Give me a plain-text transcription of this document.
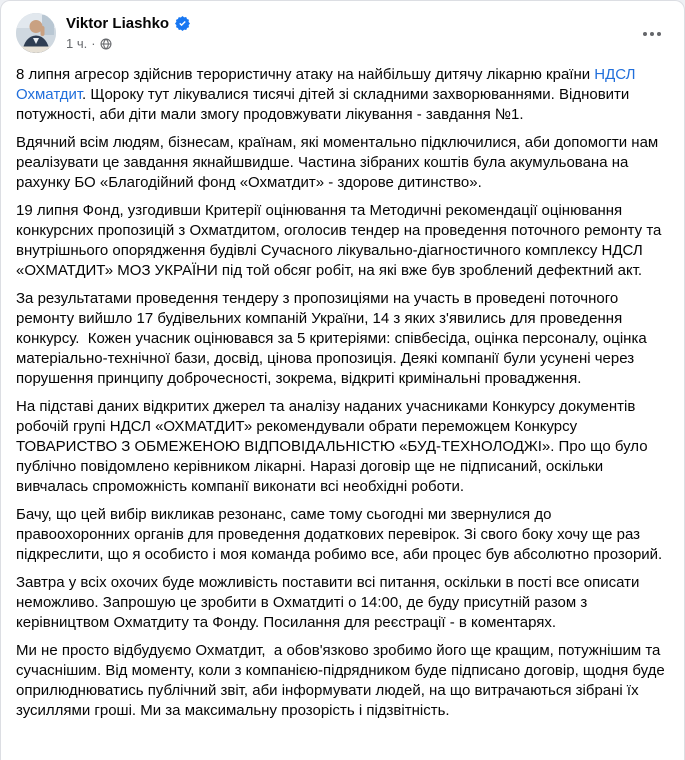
Viktor Liashko
1 ч. ·

8 липня агресор здійснив терористичну атаку на найбільшу дитячу лікарню країни НДСЛ Охматдит. Щороку тут лікувалися тисячі дітей зі складними захворюваннями. Відновити потужності, аби діти мали змогу продовжувати лікування - завдання №1.

Вдячний всім людям, бізнесам, країнам, які моментально підключилися, аби допомогти нам реалізувати це завдання якнайшвидше. Частина зібраних коштів була акумульована на рахунку БО «Благодійний фонд «Охматдит» - здорове дитинство».

19 липня Фонд, узгодивши Критерії оцінювання та Методичні рекомендації оцінювання конкурсних пропозицій з Охматдитом, оголосив тендер на проведення поточного ремонту та внутрішнього опорядження будівлі Сучасного лікувально-діагностичного комплексу НДСЛ «ОХМАТДИТ» МОЗ УКРАЇНИ під той обсяг робіт, на які вже був зроблений дефектний акт.

За результатами проведення тендеру з пропозиціями на участь в проведені поточного ремонту вийшло 17 будівельних компаній України, 14 з яких з'явились для проведення конкурсу.  Кожен учасник оцінювався за 5 критеріями: співбесіда, оцінка персоналу, оцінка матеріально-технічної бази, досвід, цінова пропозиція. Деякі компанії були усунені через порушення принципу доброчесності, зокрема, відкриті кримінальні провадження.

На підставі даних відкритих джерел та аналізу наданих учасниками Конкурсу документів робочій групі НДСЛ «ОХМАТДИТ» рекомендували обрати переможцем Конкурсу ТОВАРИСТВО З ОБМЕЖЕНОЮ ВІДПОВІДАЛЬНІСТЮ «БУД-ТЕХНОЛОДЖІ». Про що було публічно повідомлено керівником лікарні. Наразі договір ще не підписаний, оскільки вивчалась спроможність компанії виконати всі необхідні роботи.

Бачу, що цей вибір викликав резонанс, саме тому сьогодні ми звернулися до правоохоронних органів для проведення додаткових перевірок. Зі свого боку хочу ще раз підкреслити, що я особисто і моя команда робимо все, аби процес був абсолютно прозорий.

Завтра у всіх охочих буде можливість поставити всі питання, оскільки в пості все описати неможливо. Запрошую це зробити в Охматдиті о 14:00, де буду присутній разом з керівництвом Охматдиту та Фонду. Посилання для реєстрації - в коментарях.

Ми не просто відбудуємо Охматдит,  а обов'язково зробимо його ще кращим, потужнішим та сучаснішим. Від моменту, коли з компанією-підрядником буде підписано договір, щодня буде оприлюднюватись публічний звіт, аби інформувати людей, на що витрачаються зібрані їх зусиллями гроші. Ми за максимальну прозорість і підзвітність.
